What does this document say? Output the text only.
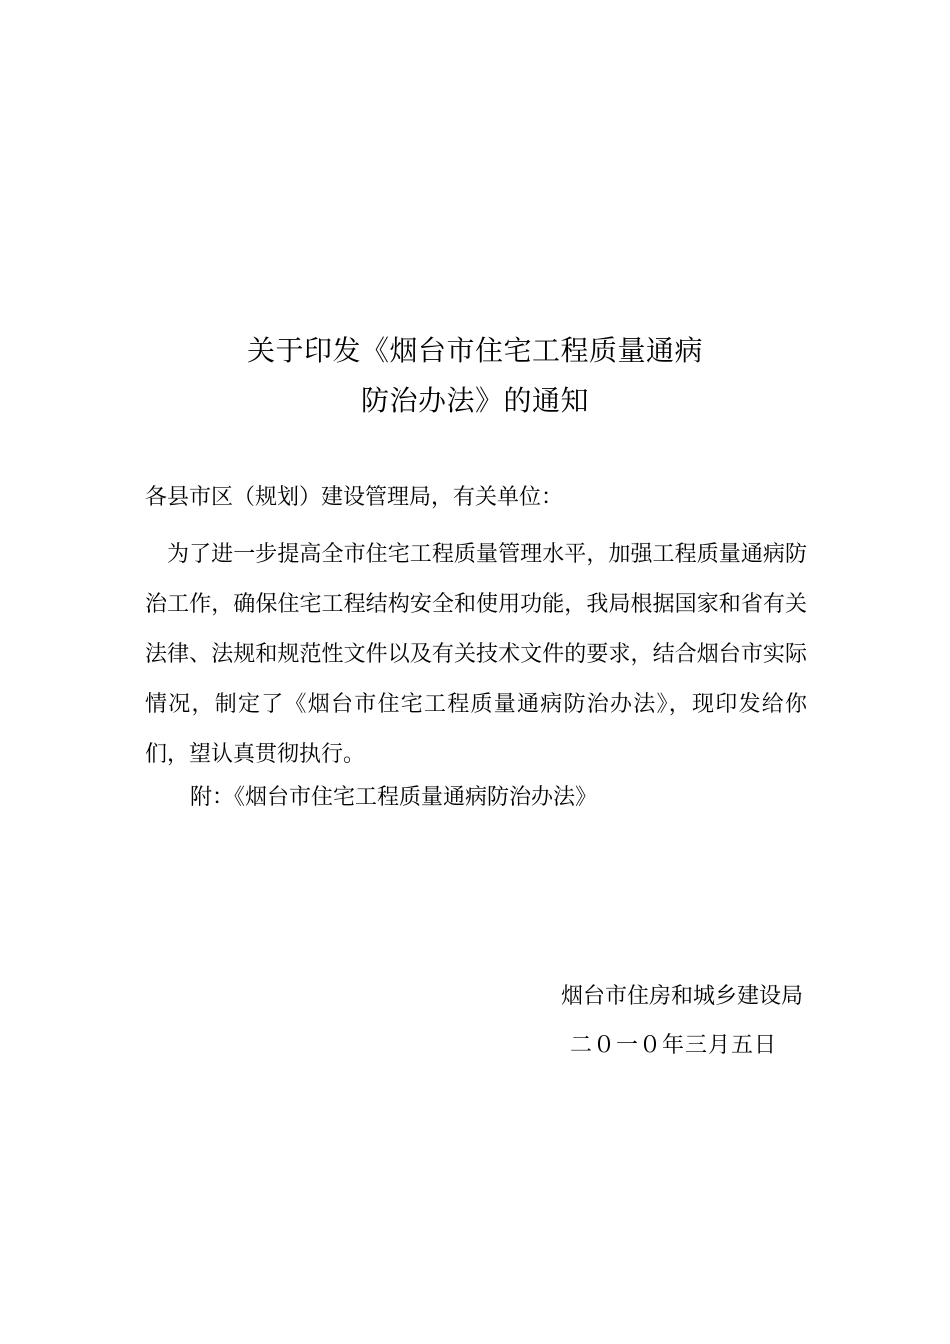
关于印发《烟台市住宅工程质量通病
防治办法》的通知
各县市区（规划）建设管理局，有关单位：
为了进一步提高全市住宅工程质量管理水平，加强工程质量通病防治工作，确保住宅工程结构安全和使用功能，我局根据国家和省有关法律、法规和规范性文件以及有关技术文件的要求，结合烟台市实际情况，制定了《烟台市住宅工程质量通病防治办法》，现印发给你们，望认真贯彻执行。
附：《烟台市住宅工程质量通病防治办法》
烟台市住房和城乡建设局
二０一０年三月五日
